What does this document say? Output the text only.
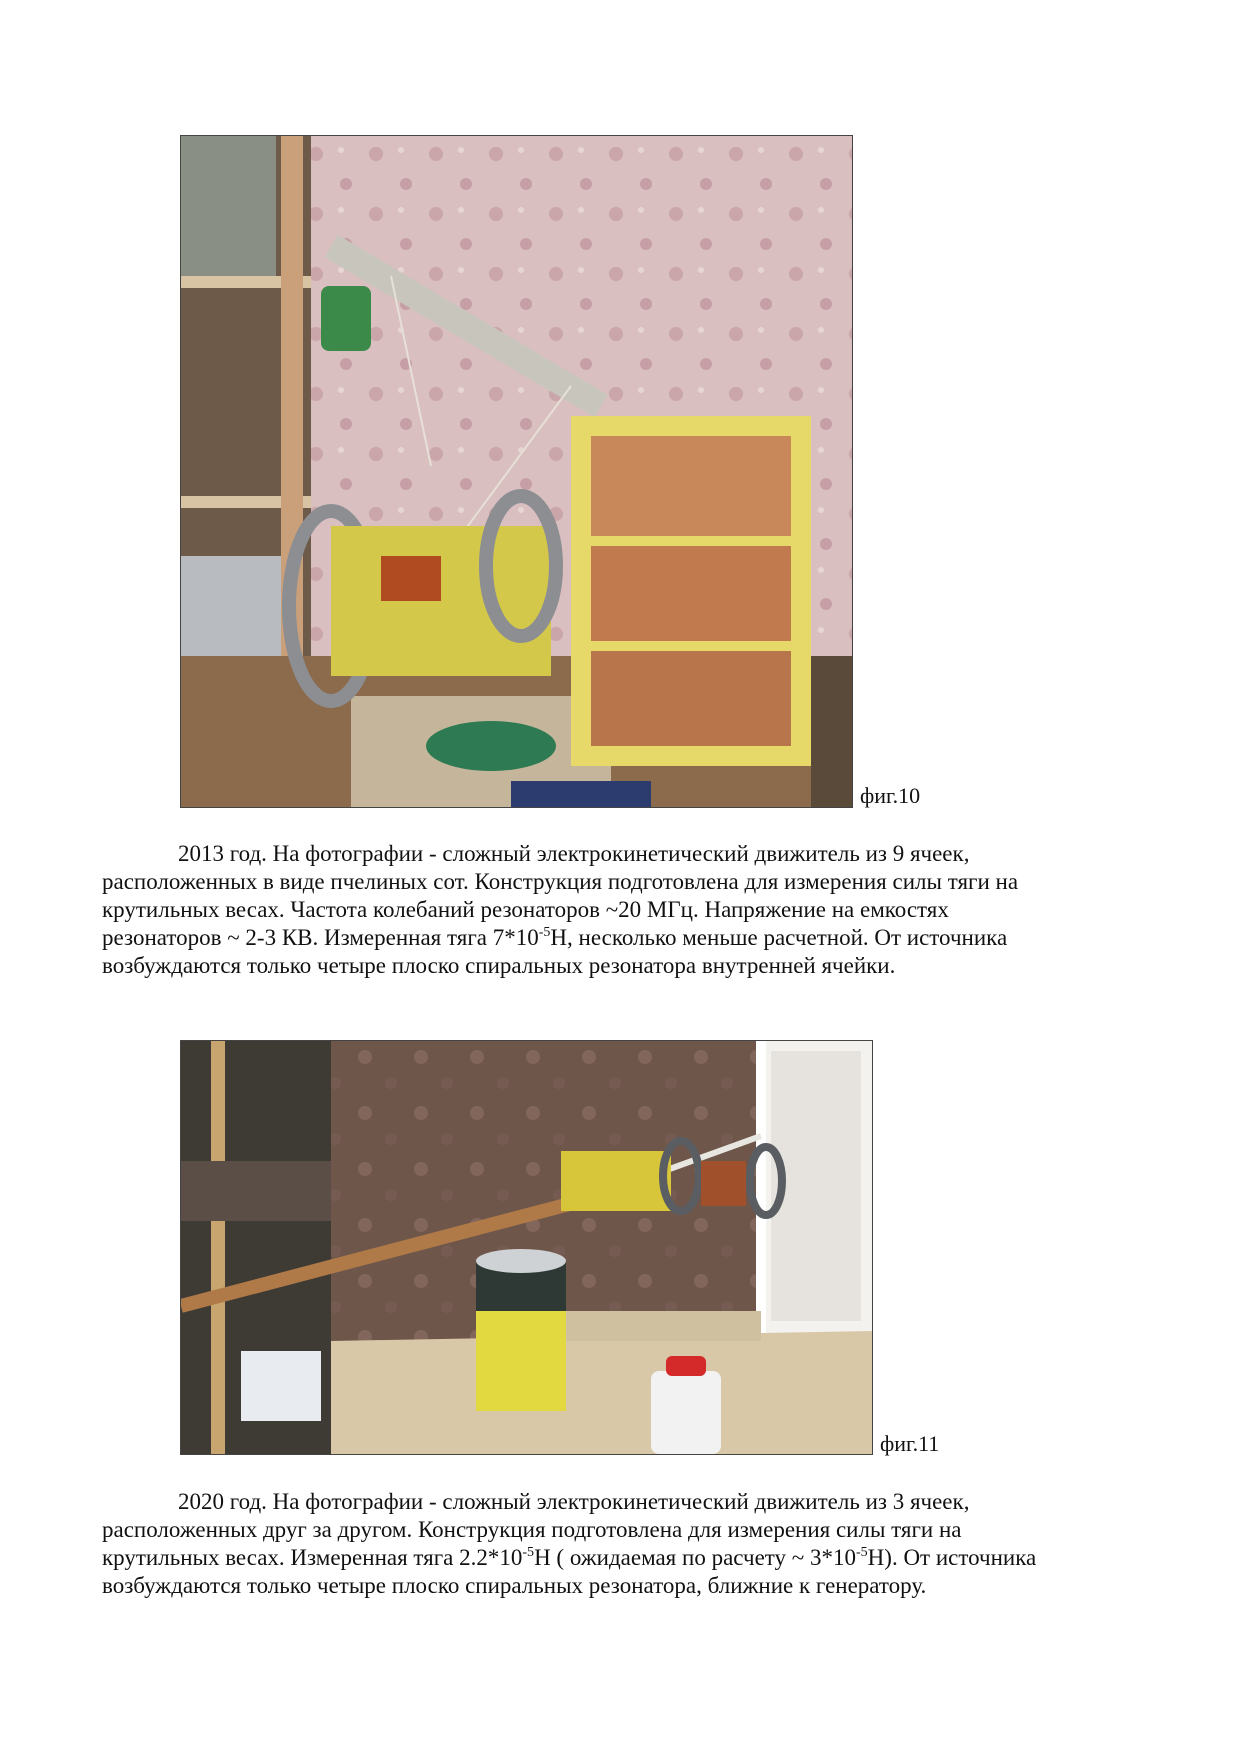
фиг.10
2013 год. На фотографии - сложный электрокинетический движитель из 9 ячеек,
расположенных в виде пчелиных сот. Конструкция подготовлена для измерения силы тяги на
крутильных весах. Частота колебаний резонаторов ~20 МГц. Напряжение на емкостях
резонаторов ~ 2-3 КВ. Измеренная тяга $7*10^{-5}Н$, несколько меньше расчетной. От источника
возбуждаются только четыре плоско спиральных резонатора внутренней ячейки.
фиг.11
2020 год. На фотографии - сложный электрокинетический движитель из 3 ячеек,
расположенных друг за другом. Конструкция подготовлена для измерения силы тяги на
крутильных весах. Измеренная тяга $2.2*10^{-5}Н$ ( ожидаемая по расчету ~ $3*10^{-5}Н$). От источника
возбуждаются только четыре плоско спиральных резонатора, ближние к генератору.
